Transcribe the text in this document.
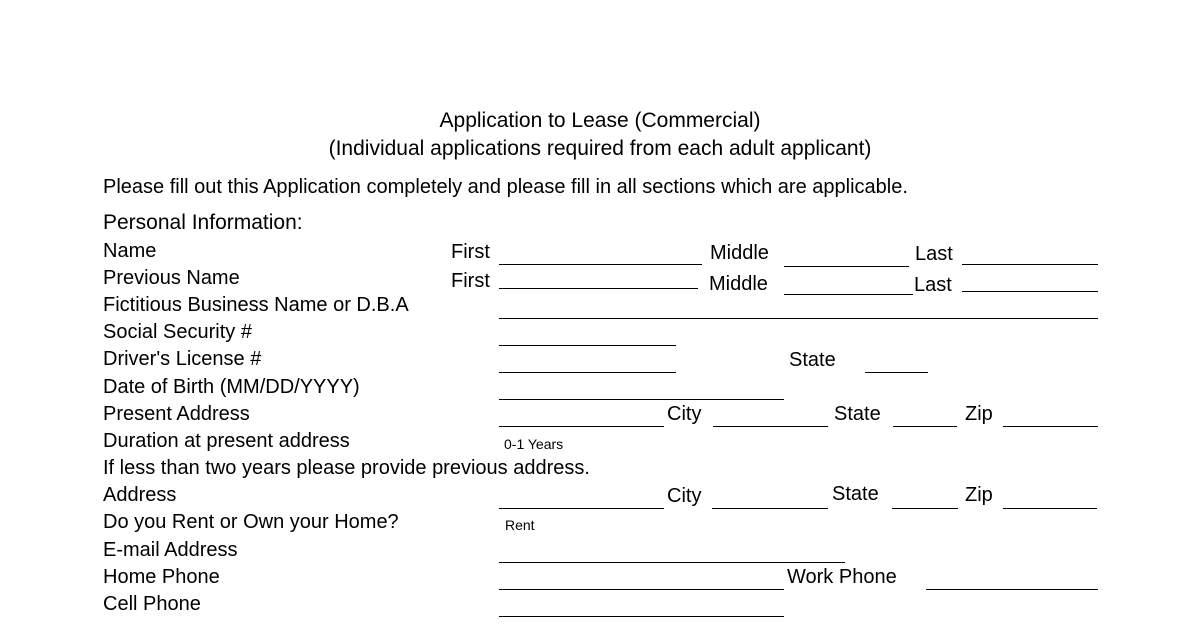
Application to Lease (Commercial)
(Individual applications required from each adult applicant)
Please fill out this Application completely and please fill in all sections which are applicable.
Personal Information:
Name	First	Middle	Last
Previous Name	First	Middle	Last
Fictitious Business Name or D.B.A
Social Security #
Driver's License #	State
Date of Birth (MM/DD/YYYY)
Present Address	City	State	Zip
Duration at present address	0-1 Years
If less than two years please provide previous address.
Address	City	State	Zip
Do you Rent or Own your Home?	Rent
E-mail Address
Home Phone	Work Phone
Cell Phone
